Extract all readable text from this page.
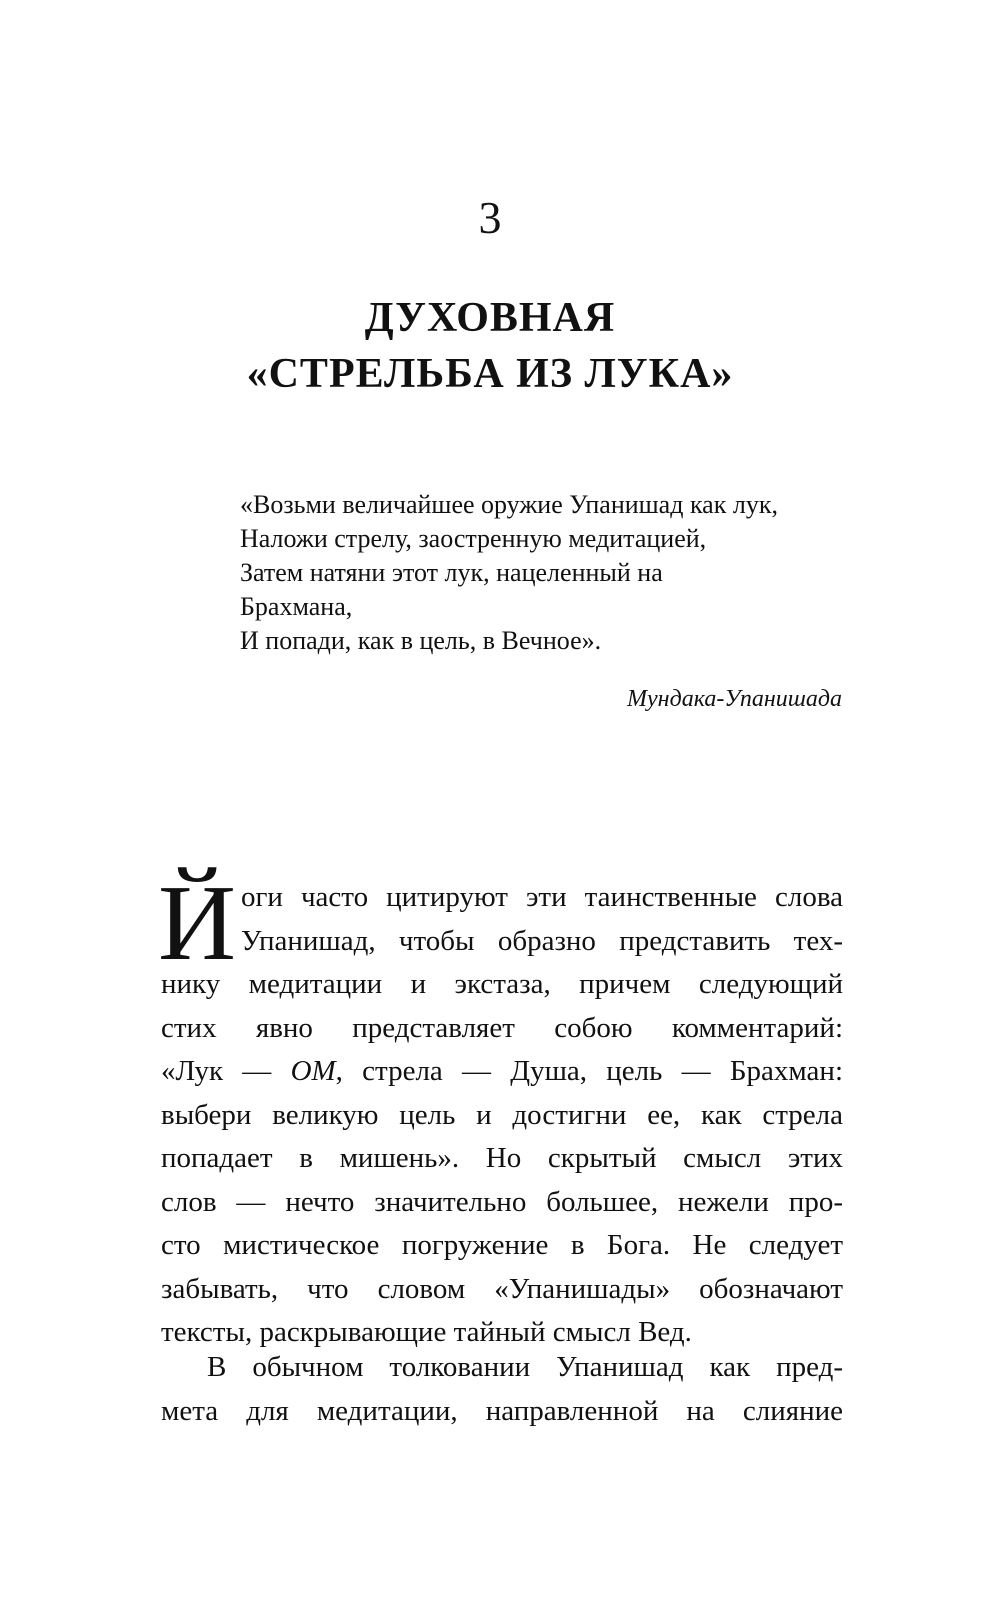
3
ДУХОВНАЯ
«СТРЕЛЬБА ИЗ ЛУКА»
«Возьми величайшее оружие Упанишад как лук,
Наложи стрелу, заостренную медитацией,
Затем натяни этот лук, нацеленный на
Брахмана,
И попади, как в цель, в Вечное».
Мундака-Упанишада
Й оги часто цитируют эти таинственные слова
Упанишад, чтобы образно представить тех-
нику медитации и экстаза, причем следующий
стих явно представляет собою комментарий:
«Лук — ОМ, стрела — Душа, цель — Брахман:
выбери великую цель и достигни ее, как стрела
попадает в мишень». Но скрытый смысл этих
слов — нечто значительно большее, нежели про-
сто мистическое погружение в Бога. Не следует
забывать, что словом «Упанишады» обозначают
тексты, раскрывающие тайный смысл Вед.
В обычном толковании Упанишад как пред-
мета для медитации, направленной на слияние
